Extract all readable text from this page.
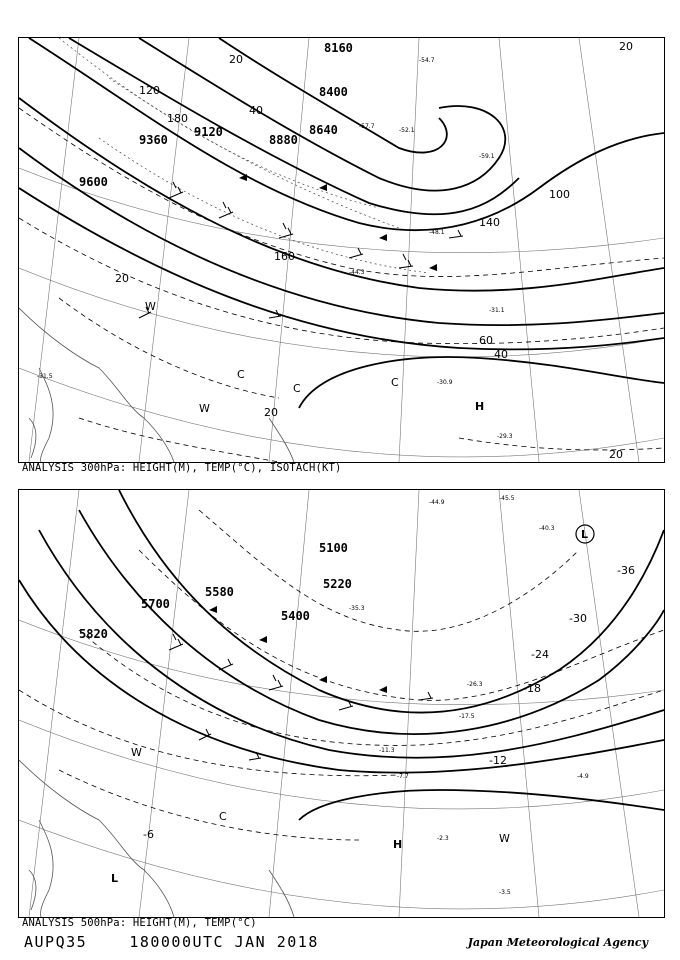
8160
8400
8640
8880
9120
9360
9600
20
40
40
60
100
120
140
160
180
20
20
20
20
H
C
C	C
W
W
-52.1
-54.7
-57.7
-59.1
-48.1
-44.3
-31.1
-30.9
-29.3
-31.5
ANALYSIS 300hPa: HEIGHT(M), TEMP(°C), ISOTACH(KT)
5100
5220
5400
5580
5700
5820
-36
-30
-24
-18
-12
-6
H
L
L
C
W
W
-44.9
-45.5
-40.3
-35.3
-26.3
-17.5
-11.3
-7.7	-4.9
-2.3
-3.5
ANALYSIS 500hPa: HEIGHT(M), TEMP(°C)
AUPQ35	180000UTC JAN 2018	Japan Meteorological Agency
